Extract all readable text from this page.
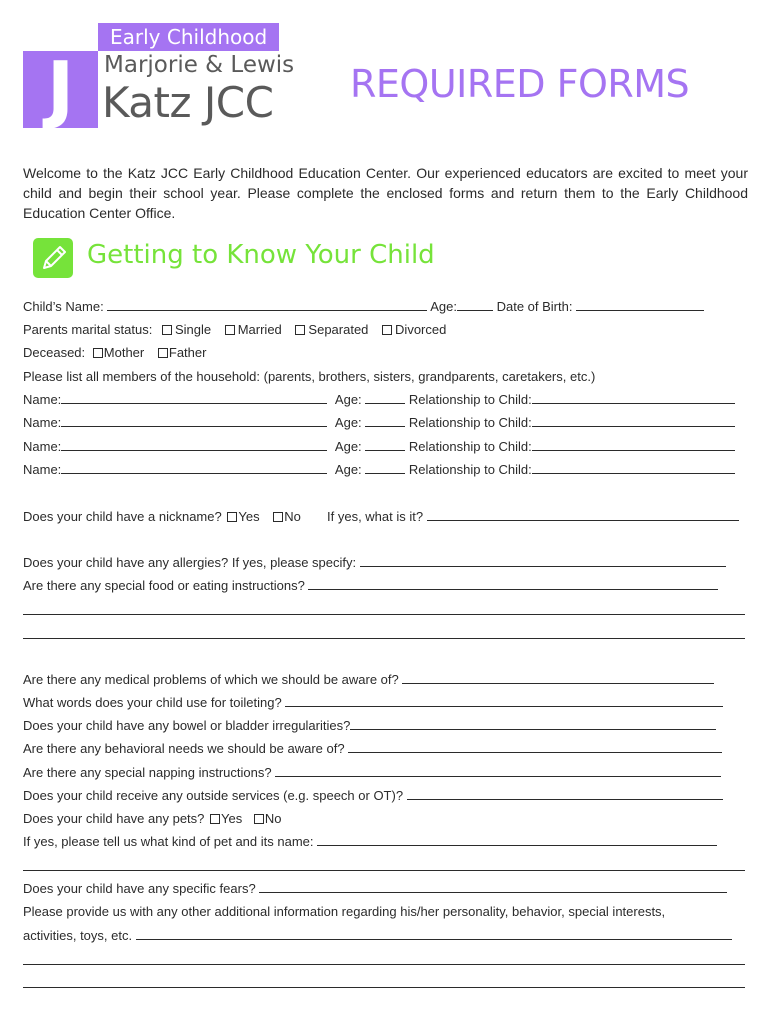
J
Early Childhood
Marjorie & Lewis
Katz JCC REQUIRED FORMS

Welcome to the Katz JCC Early Childhood Education Center. Our experienced educators are excited to meet your child and begin their school year. Please complete the enclosed forms and return them to the Early Childhood Education Center Office.

Getting to Know Your Child
Child’s Name:	Age:	Date of Birth:
Parents marital status: Single Married Separated Divorced
Deceased: Mother Father
Please list all members of the household: (parents, brothers, sisters, grandparents, caretakers, etc.)
Name:	Age:	Relationship to Child:
Name:	Age:	Relationship to Child:
Name:	Age:	Relationship to Child:
Name:	Age:	Relationship to Child:
Does your child have a nickname? Yes No If yes, what is it?
Does your child have any allergies? If yes, please specify:
Are there any special food or eating instructions?
Are there any medical problems of which we should be aware of?
What words does your child use for toileting?
Does your child have any bowel or bladder irregularities?
Are there any behavioral needs we should be aware of?
Are there any special napping instructions?
Does your child receive any outside services (e.g. speech or OT)?
Does your child have any pets? Yes No
If yes, please tell us what kind of pet and its name:
Does your child have any specific fears?
Please provide us with any other additional information regarding his/her personality, behavior, special interests,
activities, toys, etc.
